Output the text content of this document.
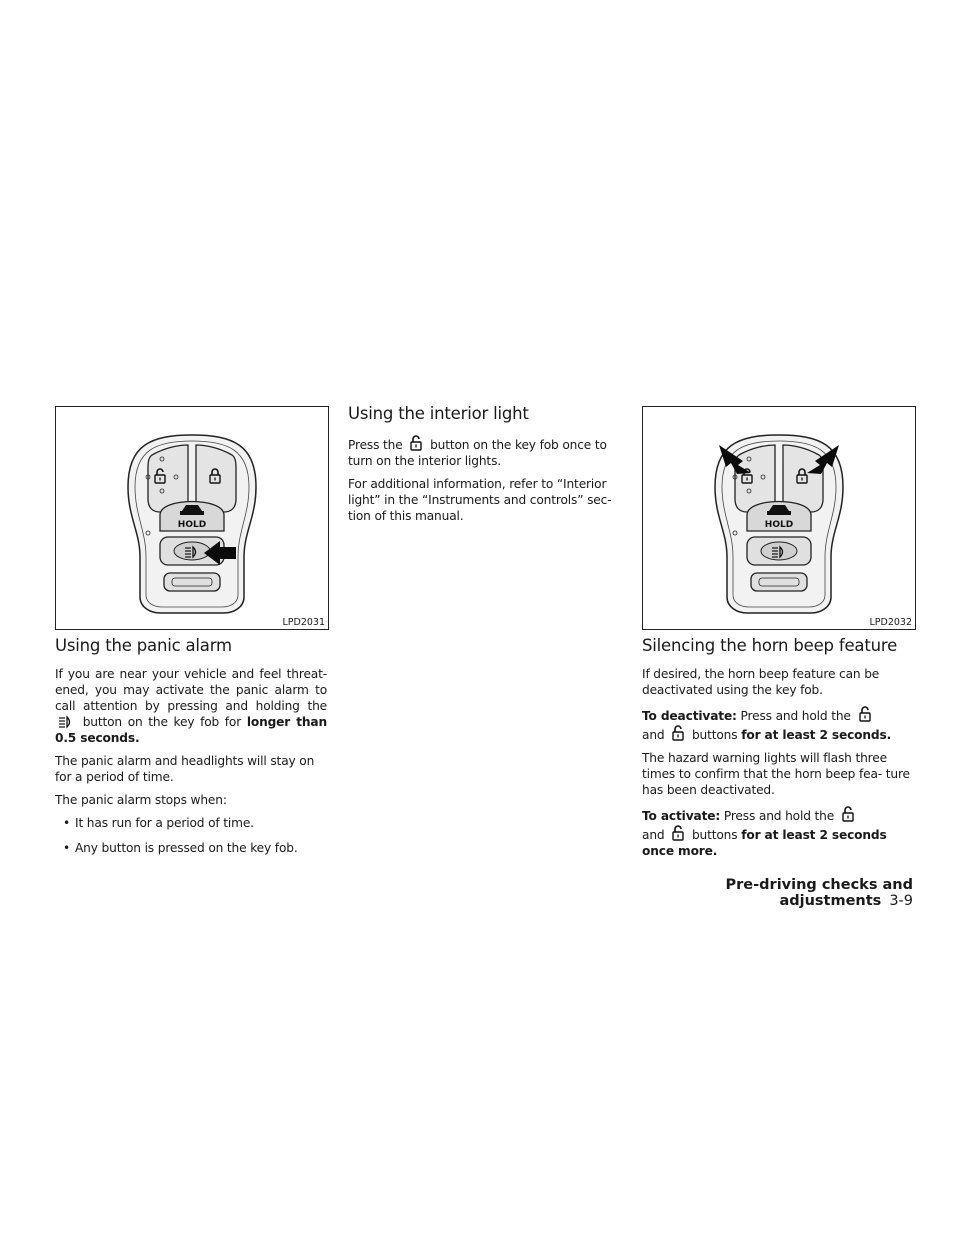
HOLD
LPD2031
Using the panic alarm

If you are near your vehicle and feel threat- ened, you may activate the panic alarm to call attention by pressing and holding the  button on the key fob for longer than 0.5 seconds.

The panic alarm and headlights will stay on for a period of time.

The panic alarm stops when:

• It has run for a period of time.
• Any button is pressed on the key fob.
Using the interior light

Press the button on the key fob once to turn on the interior lights.

For additional information, refer to “Interior light” in the “Instruments and controls” sec- tion of this manual.

HOLD
LPD2032
Silencing the horn beep feature

If desired, the horn beep feature can be deactivated using the key fob.

To deactivate: Press and hold the
and buttons for at least 2 seconds.

The hazard warning lights will flash three times to confirm that the horn beep fea- ture has been deactivated.

To activate: Press and hold the
and buttons for at least 2 seconds once more.

Pre-driving checks and adjustments 3-9
